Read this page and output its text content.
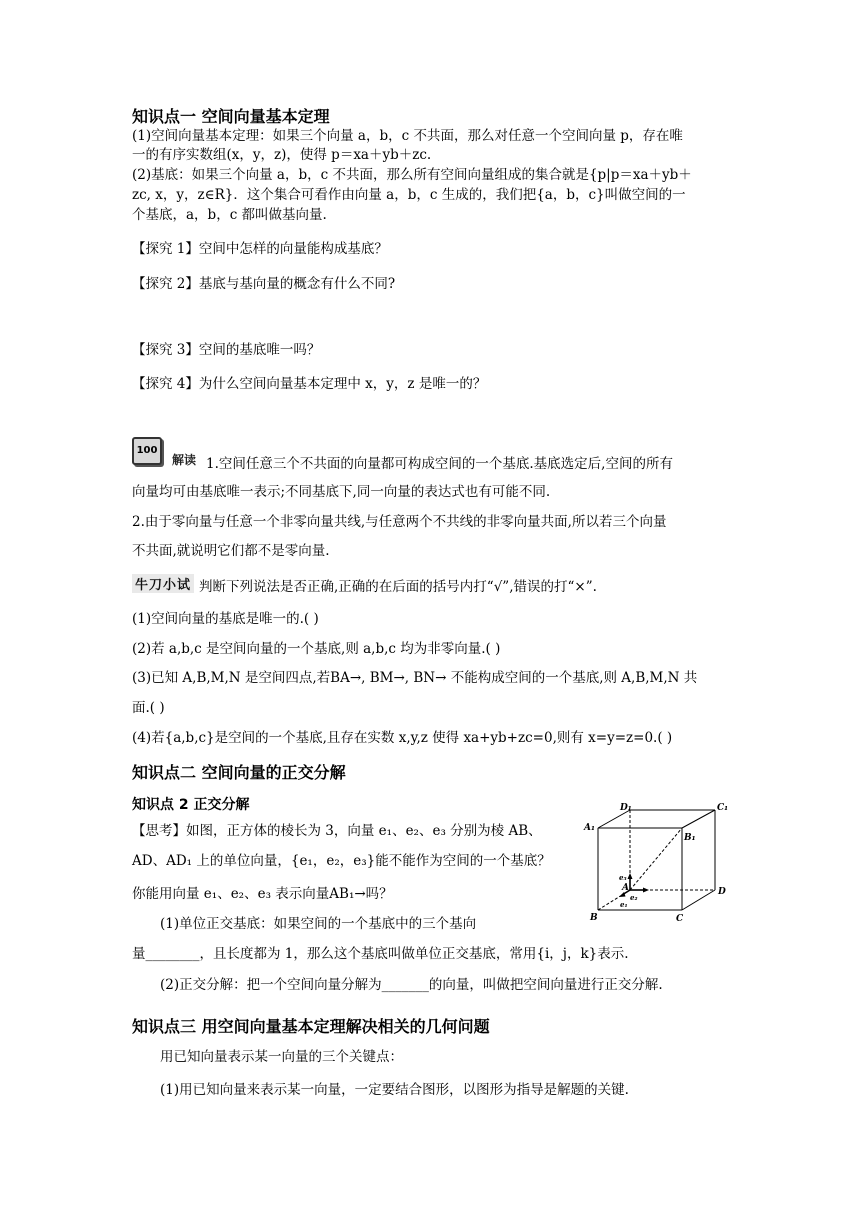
知识点一 空间向量基本定理
(1)空间向量基本定理：如果三个向量 a，b，c 不共面，那么对任意一个空间向量 p，存在唯
一的有序实数组(x，y，z)，使得 p＝xa＋yb＋zc.
(2)基底：如果三个向量 a，b，c 不共面，那么所有空间向量组成的集合就是{p|p＝xa＋yb＋
zc, x，y，z∈R}．这个集合可看作由向量 a，b，c 生成的，我们把{a，b，c}叫做空间的一
个基底，a，b，c 都叫做基向量.
【探究 1】空间中怎样的向量能构成基底？
【探究 2】基底与基向量的概念有什么不同?
【探究 3】空间的基底唯一吗？
【探究 4】为什么空间向量基本定理中 x，y，z 是唯一的？
100
解读 1.空间任意三个不共面的向量都可构成空间的一个基底.基底选定后,空间的所有
向量均可由基底唯一表示;不同基底下,同一向量的表达式也有可能不同.
2.由于零向量与任意一个非零向量共线,与任意两个不共线的非零向量共面,所以若三个向量
不共面,就说明它们都不是零向量.
牛刀小试 判断下列说法是否正确,正确的在后面的括号内打“√”,错误的打“×”.
(1)空间向量的基底是唯一的.( )
(2)若 a,b,c 是空间向量的一个基底,则 a,b,c 均为非零向量.( )
(3)已知 A,B,M,N 是空间四点,若BA→, BM→, BN→ 不能构成空间的一个基底,则 A,B,M,N 共
面.( )
(4)若{a,b,c}是空间的一个基底,且存在实数 x,y,z 使得 xa+yb+zc=0,则有 x=y=z=0.( )
知识点二 空间向量的正交分解
知识点 2 正交分解
【思考】如图，正方体的棱长为 3，向量 e₁、e₂、e₃ 分别为棱 AB、
AD、AD₁ 上的单位向量，{e₁，e₂，e₃}能不能作为空间的一个基底？
你能用向量 e₁、e₂、e₃ 表示向量AB₁→吗？
(1)单位正交基底：如果空间的一个基底中的三个基向
量________，且长度都为 1，那么这个基底叫做单位正交基底，常用{i，j，k}表示.
(2)正交分解：把一个空间向量分解为_______的向量，叫做把空间向量进行正交分解.
D₁	C₁
A₁
B₁
e₃
A
e₂
e₁
D
B	C
知识点三 用空间向量基本定理解决相关的几何问题
用已知向量表示某一向量的三个关键点：
(1)用已知向量来表示某一向量，一定要结合图形，以图形为指导是解题的关键.
